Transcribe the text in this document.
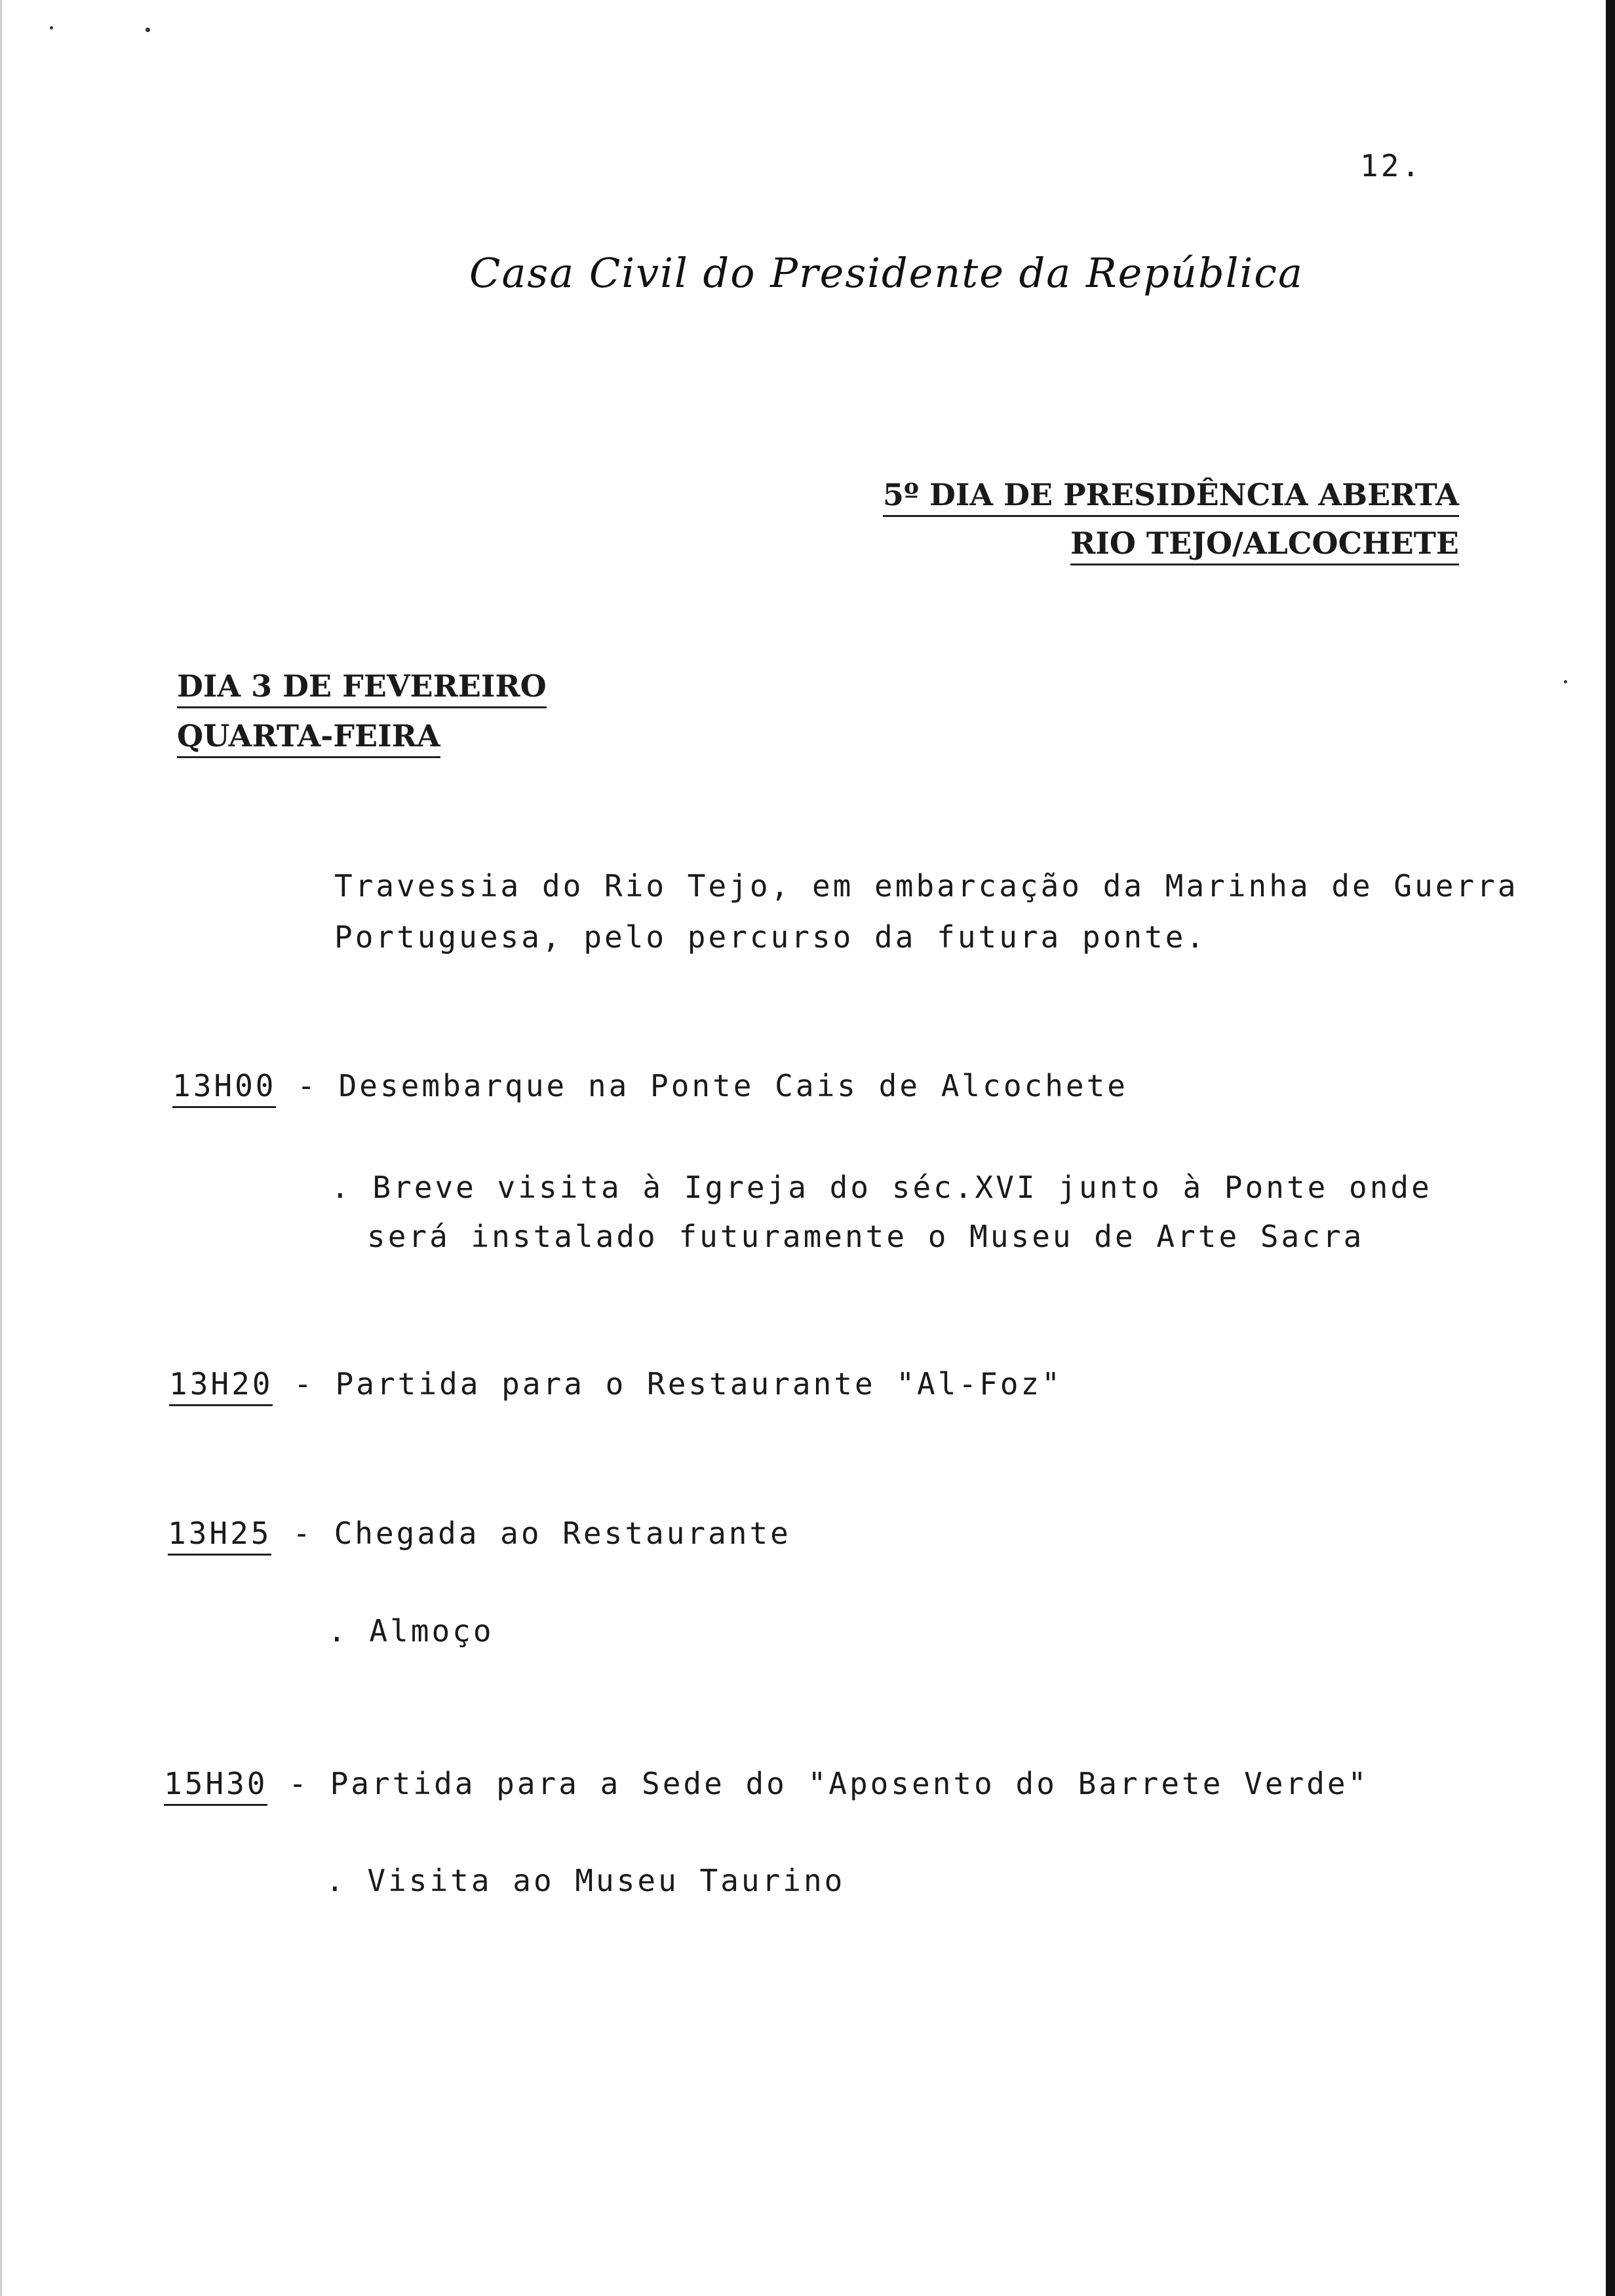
12.
Casa Civil do Presidente da República
5º DIA DE PRESIDÊNCIA ABERTA
RIO TEJO/ALCOCHETE
DIA 3 DE FEVEREIRO
QUARTA-FEIRA
Travessia do Rio Tejo, em embarcação da Marinha de Guerra
Portuguesa, pelo percurso da futura ponte.
13H00 - Desembarque na Ponte Cais de Alcochete
. Breve visita à Igreja do séc.XVI junto à Ponte onde
será instalado futuramente o Museu de Arte Sacra
13H20 - Partida para o Restaurante "Al-Foz"
13H25 - Chegada ao Restaurante
. Almoço
15H30 - Partida para a Sede do "Aposento do Barrete Verde"
. Visita ao Museu Taurino
